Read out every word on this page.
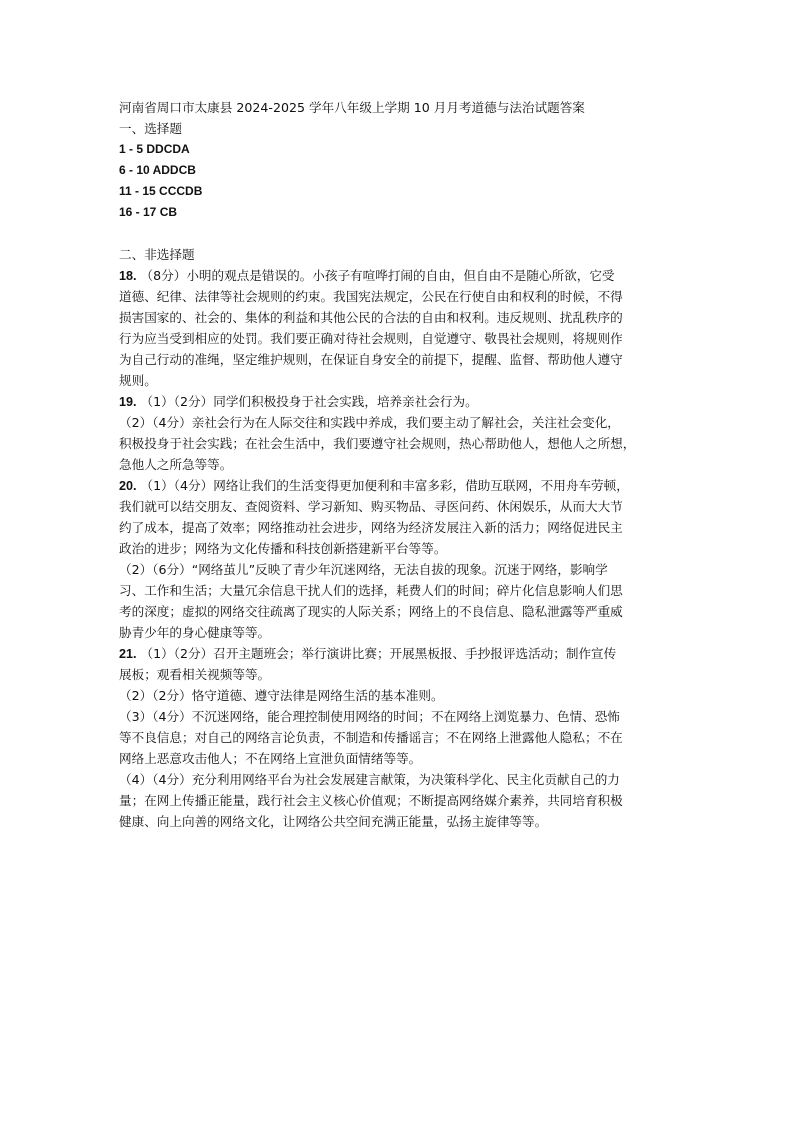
河南省周口市太康县 2024-2025 学年八年级上学期 10 月月考道德与法治试题答案
一、选择题
1 - 5 DDCDA
6 - 10 ADDCB
11 - 15 CCCDB
16 - 17 CB
二、非选择题
18. （8分）小明的观点是错误的。小孩子有喧哗打闹的自由，但自由不是随心所欲，它受
道德、纪律、法律等社会规则的约束。我国宪法规定，公民在行使自由和权利的时候，不得
损害国家的、社会的、集体的利益和其他公民的合法的自由和权利。违反规则、扰乱秩序的
行为应当受到相应的处罚。我们要正确对待社会规则，自觉遵守、敬畏社会规则，将规则作
为自己行动的准绳，坚定维护规则，在保证自身安全的前提下，提醒、监督、帮助他人遵守
规则。
19. （1）（2分）同学们积极投身于社会实践，培养亲社会行为。
（2）（4分）亲社会行为在人际交往和实践中养成，我们要主动了解社会，关注社会变化，
积极投身于社会实践；在社会生活中，我们要遵守社会规则，热心帮助他人，想他人之所想，
急他人之所急等等。
20. （1）（4分）网络让我们的生活变得更加便利和丰富多彩，借助互联网，不用舟车劳顿，
我们就可以结交朋友、查阅资料、学习新知、购买物品、寻医问药、休闲娱乐，从而大大节
约了成本，提高了效率；网络推动社会进步，网络为经济发展注入新的活力；网络促进民主
政治的进步；网络为文化传播和科技创新搭建新平台等等。
（2）（6分）“网络茧儿”反映了青少年沉迷网络，无法自拔的现象。沉迷于网络，影响学
习、工作和生活；大量冗余信息干扰人们的选择，耗费人们的时间；碎片化信息影响人们思
考的深度；虚拟的网络交往疏离了现实的人际关系；网络上的不良信息、隐私泄露等严重威
胁青少年的身心健康等等。
21. （1）（2分）召开主题班会；举行演讲比赛；开展黑板报、手抄报评选活动；制作宣传
展板；观看相关视频等等。
（2）（2分）恪守道德、遵守法律是网络生活的基本准则。
（3）（4分）不沉迷网络，能合理控制使用网络的时间；不在网络上浏览暴力、色情、恐怖
等不良信息；对自己的网络言论负责，不制造和传播谣言；不在网络上泄露他人隐私；不在
网络上恶意攻击他人；不在网络上宣泄负面情绪等等。
（4）（4分）充分利用网络平台为社会发展建言献策，为决策科学化、民主化贡献自己的力
量；在网上传播正能量，践行社会主义核心价值观；不断提高网络媒介素养，共同培育积极
健康、向上向善的网络文化，让网络公共空间充满正能量，弘扬主旋律等等。
